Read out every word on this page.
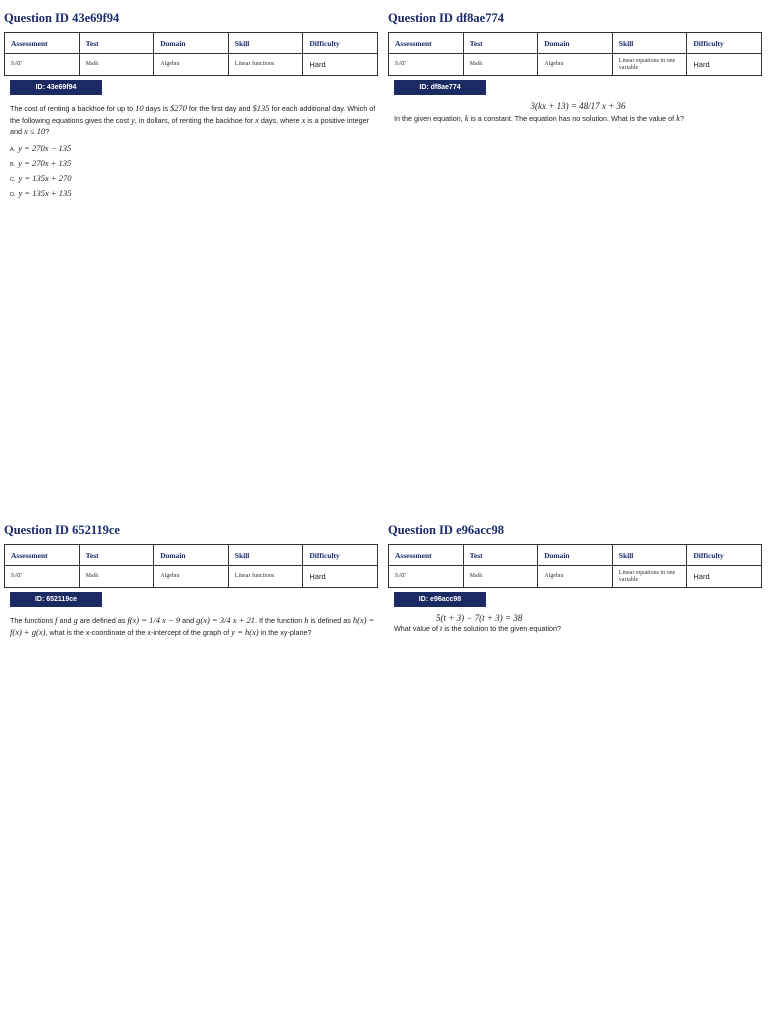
Question ID 43e69f94
Assessment	Test	Domain	Skill	Difficulty
SAT	Math	Algebra	Linear functions	Hard
ID: 43e69f94
The cost of renting a backhoe for up to 10 days is $270 for the first day and $135 for each additional day. Which of the following equations gives the cost y, in dollars, of renting the backhoe for x days, where x is a positive integer and x ≤ 10?
A. y = 270x − 135
B. y = 270x + 135
C. y = 135x + 270
D. y = 135x + 135
Question ID df8ae774
Assessment	Test	Domain	Skill	Difficulty
SAT	Math	Algebra	Linear equations in one variable	Hard
ID: df8ae774
3(kx + 13) = 48/17 x + 36
In the given equation, k is a constant. The equation has no solution. What is the value of k?
Question ID 652119ce
Assessment	Test	Domain	Skill	Difficulty
SAT	Math	Algebra	Linear functions	Hard
ID: 652119ce
The functions f and g are defined as f(x) = 1/4 x − 9 and g(x) = 3/4 x + 21. If the function h is defined as h(x) = f(x) + g(x), what is the x-coordinate of the x-intercept of the graph of y = h(x) in the xy-plane?
Question ID e96acc98
Assessment	Test	Domain	Skill	Difficulty
SAT	Math	Algebra	Linear equations in one variable	Hard
ID: e96acc98
5(t + 3) − 7(t + 3) = 38
What value of t is the solution to the given equation?
